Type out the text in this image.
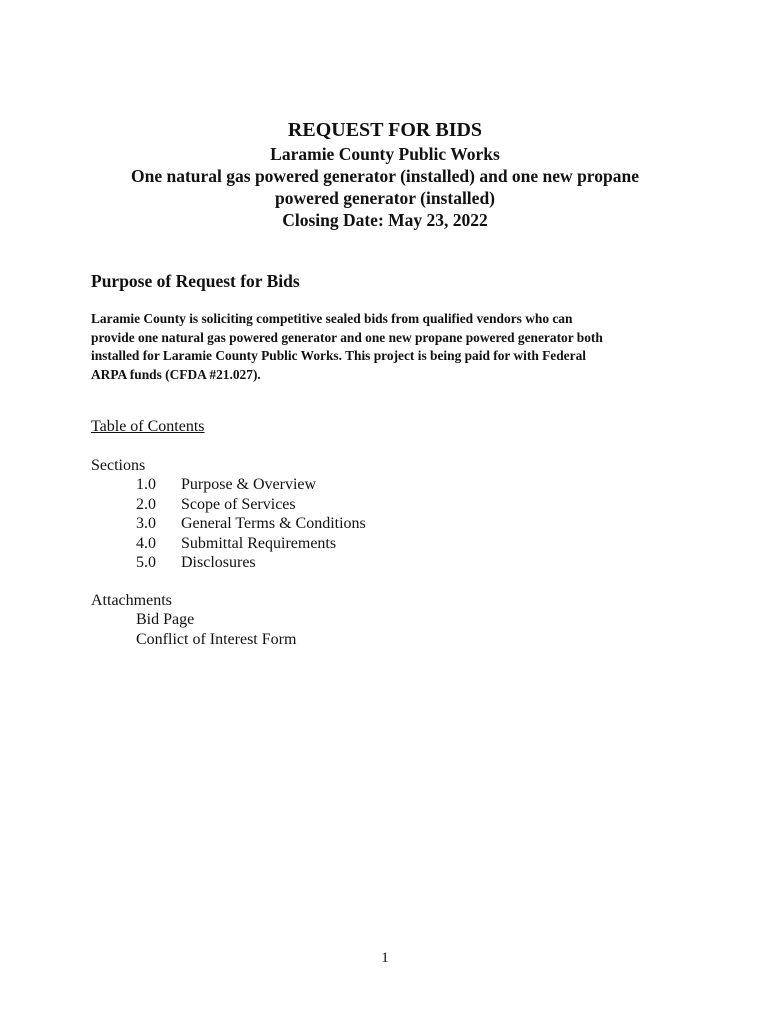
REQUEST FOR BIDS
Laramie County Public Works
One natural gas powered generator (installed) and one new propane
powered generator (installed)
Closing Date: May 23, 2022
Purpose of Request for Bids
Laramie County is soliciting competitive sealed bids from qualified vendors who can
provide one natural gas powered generator and one new propane powered generator both
installed for Laramie County Public Works. This project is being paid for with Federal
ARPA funds (CFDA #21.027).
Table of Contents
Sections
1.0 Purpose & Overview
2.0 Scope of Services
3.0 General Terms & Conditions
4.0 Submittal Requirements
5.0 Disclosures
Attachments
Bid Page
Conflict of Interest Form
1
